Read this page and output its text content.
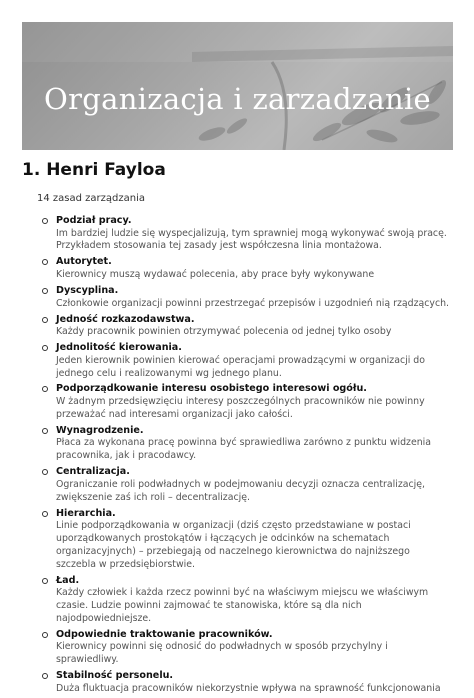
Organizacja i zarzadzanie
1. Henri Fayloa
14 zasad zarządzania
Podział pracy.
Im bardziej ludzie się wyspecjalizują, tym sprawniej mogą wykonywać swoją pracę. Przykładem stosowania tej zasady jest współczesna linia montażowa.
Autorytet.
Kierownicy muszą wydawać polecenia, aby prace były wykonywane
Dyscyplina.
Członkowie organizacji powinni przestrzegać przepisów i uzgodnień nią rządzących.
Jedność rozkazodawstwa.
Każdy pracownik powinien otrzymywać polecenia od jednej tylko osoby
Jednolitość kierowania.
Jeden kierownik powinien kierować operacjami prowadzącymi w organizacji do jednego celu i realizowanymi wg jednego planu.
Podporządkowanie interesu osobistego interesowi ogółu.
W żadnym przedsięwzięciu interesy poszczególnych pracowników nie powinny przeważać nad interesami organizacji jako całości.
Wynagrodzenie.
Płaca za wykonana pracę powinna być sprawiedliwa zarówno z punktu widzenia pracownika, jak i pracodawcy.
Centralizacja.
Ograniczanie roli podwładnych w podejmowaniu decyzji oznacza centralizację, zwiększenie zaś ich roli – decentralizację.
Hierarchia.
Linie podporządkowania w organizacji (dziś często przedstawiane w postaci uporządkowanych prostokątów i łączących je odcinków na schematach organizacyjnych) – przebiegają od naczelnego kierownictwa do najniższego szczebla w przedsiębiorstwie.
Ład.
Każdy człowiek i każda rzecz powinni być na właściwym miejscu we właściwym czasie. Ludzie powinni zajmować te stanowiska, które są dla nich najodpowiedniejsze.
Odpowiednie traktowanie pracowników.
Kierownicy powinni się odnosić do podwładnych w sposób przychylny i sprawiedliwy.
Stabilność personelu.
Duża fluktuacja pracowników niekorzystnie wpływa na sprawność funkcjonowania
